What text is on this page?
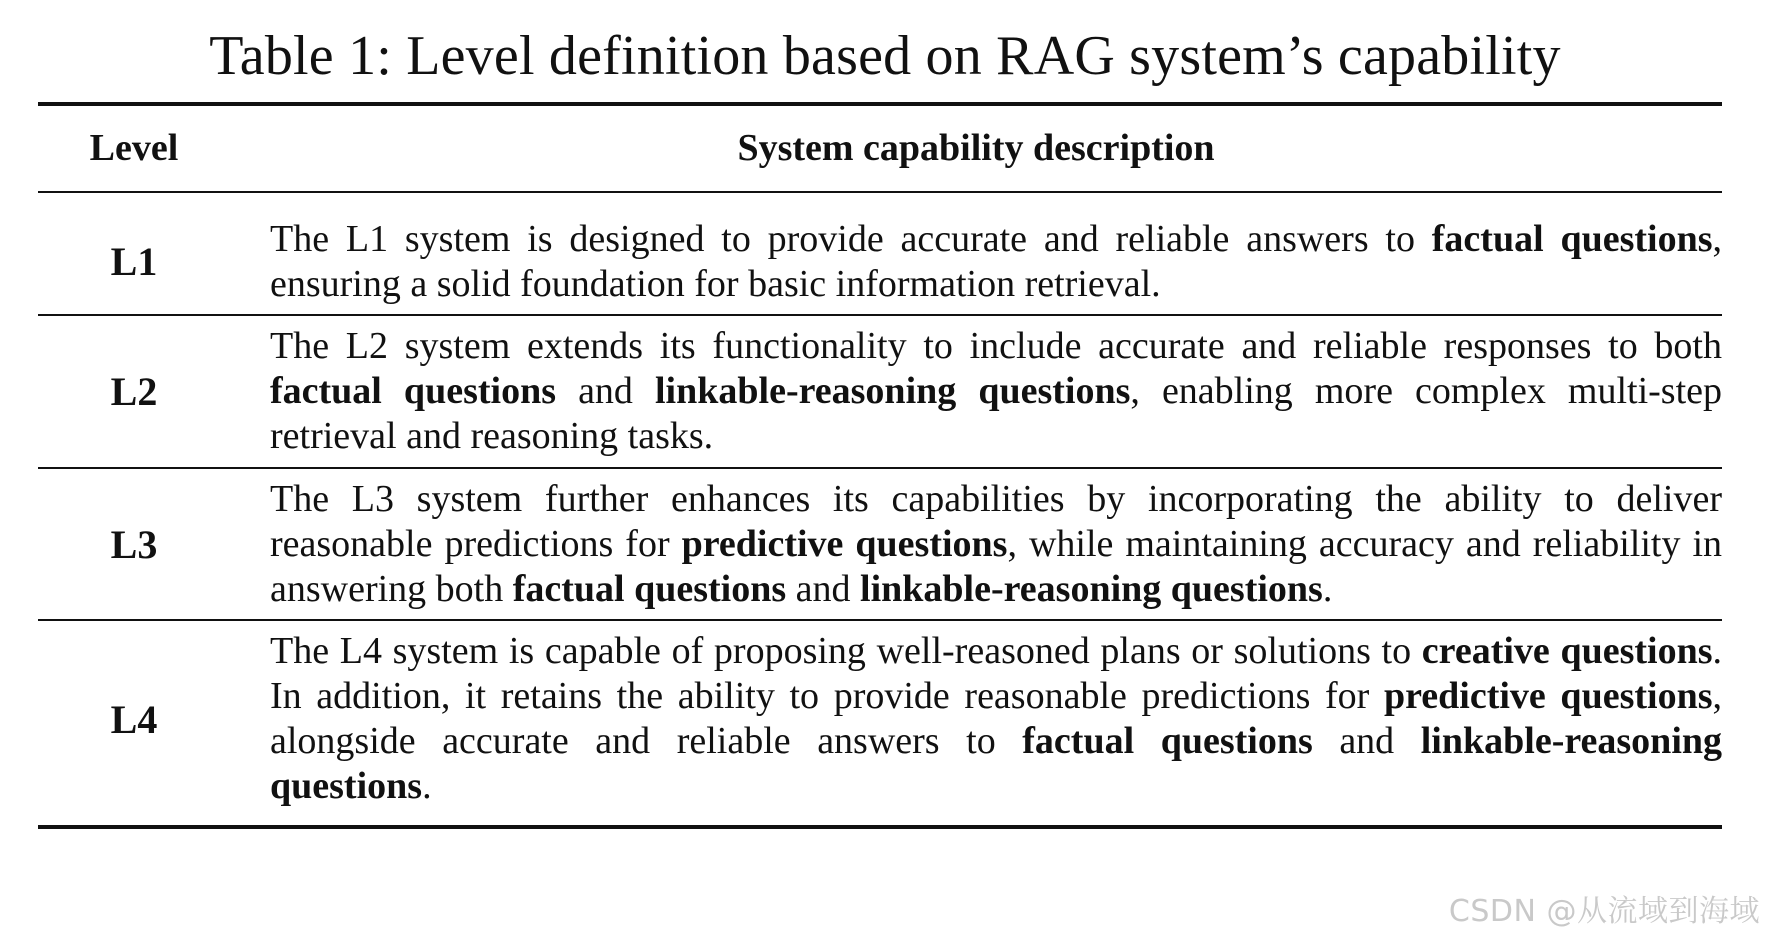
Table 1: Level definition based on RAG system’s capability
Level	System capability description
L1	The L1 system is designed to provide accurate and reliable answers to factual questions, ensuring a solid foundation for basic information retrieval.
L2	The L2 system extends its functionality to include accurate and reliable responses to both factual questions and linkable-reasoning questions, enabling more complex multi-step retrieval and reasoning tasks.
L3	The L3 system further enhances its capabilities by incorporating the ability to deliver reasonable predictions for predictive questions, while maintaining accuracy and reliability in answering both factual questions and linkable-reasoning questions.
L4	The L4 system is capable of proposing well-reasoned plans or solutions to creative questions. In addition, it retains the ability to provide reasonable predictions for predictive questions, alongside accurate and reliable answers to factual questions and linkable-reasoning questions.
CSDN @从流域到海域
